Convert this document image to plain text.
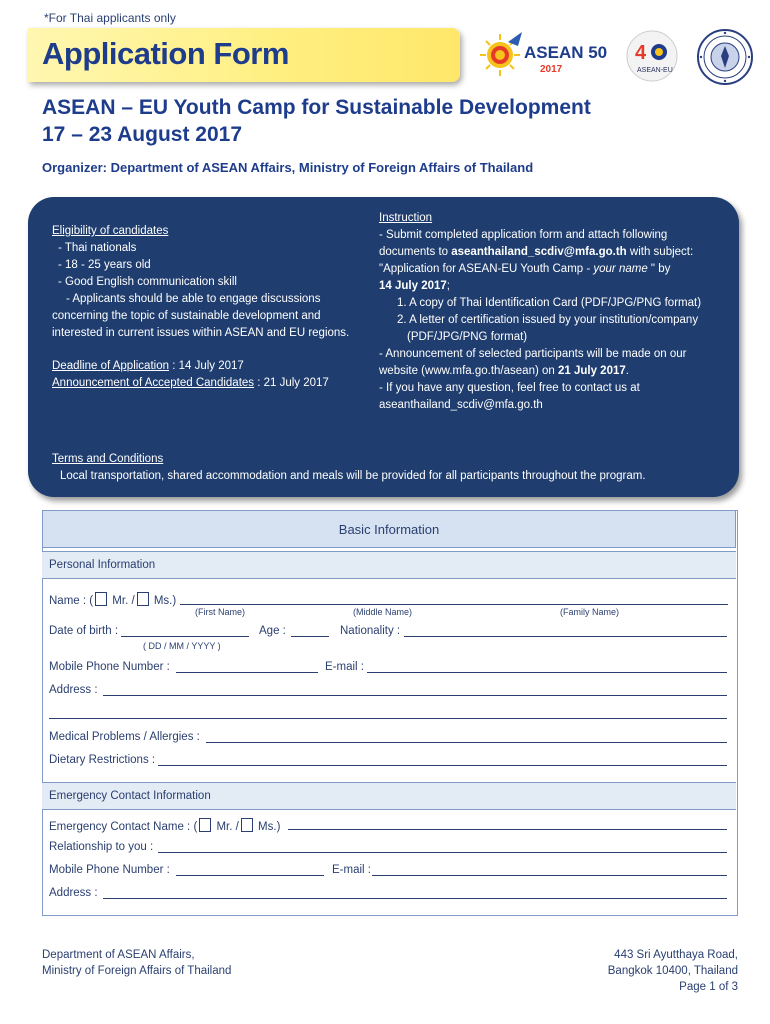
*For Thai applicants only
Application Form	ASEAN 50
2017
4
ASEAN-EU
ASEAN – EU Youth Camp for Sustainable Development
17 – 23 August 2017
Organizer: Department of ASEAN Affairs, Ministry of Foreign Affairs of Thailand
Eligibility of candidates
- Thai nationals
- 18 - 25 years old
- Good English communication skill
- Applicants should be able to engage discussions
concerning the topic of sustainable development and
interested in current issues within ASEAN and EU regions.
Deadline of Application : 14 July 2017
Announcement of Accepted Candidates : 21 July 2017
Instruction
- Submit completed application form and attach following
documents to aseanthailand_scdiv@mfa.go.th with subject:
"Application for ASEAN-EU Youth Camp - your name " by
14 July 2017;
1. A copy of Thai Identification Card (PDF/JPG/PNG format)
2. A letter of certification issued by your institution/company
(PDF/JPG/PNG format)
- Announcement of selected participants will be made on our
website (www.mfa.go.th/asean) on 21 July 2017.
- If you have any question, feel free to contact us at
aseanthailand_scdiv@mfa.go.th
Terms and Conditions
Local transportation, shared accommodation and meals will be provided for all participants throughout the program.
Basic Information
Personal Information
Name : ( Mr. / Ms.)
(First Name)	(Middle Name)	(Family Name)
Date of birth :	Age :	Nationality :
( DD / MM / YYYY )
Mobile Phone Number :	E-mail :
Address :
Medical Problems / Allergies :
Dietary Restrictions :
Emergency Contact Information
Emergency Contact Name : ( Mr. / Ms.)
Relationship to you :
Mobile Phone Number :	E-mail :
Address :
Department of ASEAN Affairs,
Ministry of Foreign Affairs of Thailand
443 Sri Ayutthaya Road,
Bangkok 10400, Thailand
Page 1 of 3
